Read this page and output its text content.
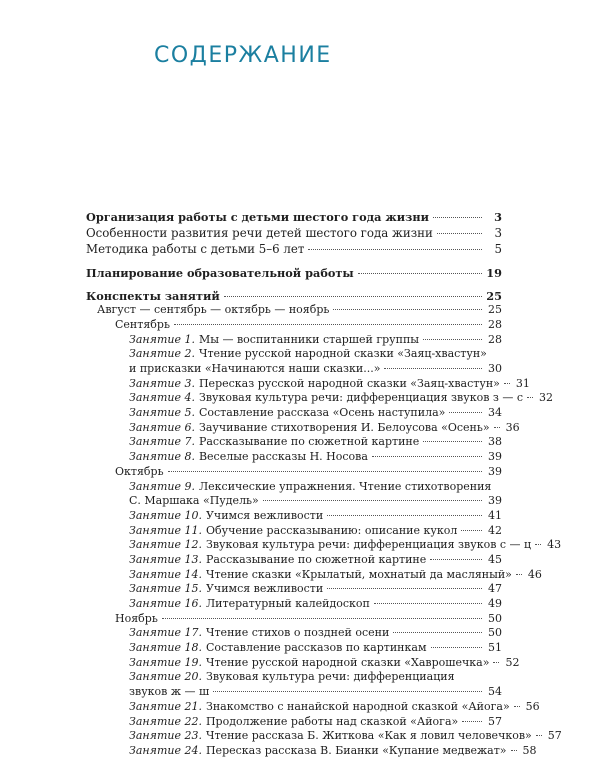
СОДЕРЖАНИЕ
Организация работы с детьми шестого года жизни	3
Особенности развития речи детей шестого года жизни	3
Методика работы с детьми 5–6 лет	5
Планирование образовательной работы	19
Конспекты занятий	25
Август — сентябрь — октябрь — ноябрь	25
Сентябрь	28
Занятие 1. Мы — воспитанники старшей группы	28
Занятие 2. Чтение русской народной сказки «Заяц-хвастун»
и присказки «Начинаются наши сказки...»	30
Занятие 3. Пересказ русской народной сказки «Заяц-хвастун» 31
Занятие 4. Звуковая культура речи: дифференциация звуков з — с 32
Занятие 5. Составление рассказа «Осень наступила»	34
Занятие 6. Заучивание стихотворения И. Белоусова «Осень» 36
Занятие 7. Рассказывание по сюжетной картине	38
Занятие 8. Веселые рассказы Н. Носова	39
Октябрь	39
Занятие 9. Лексические упражнения. Чтение стихотворения
С. Маршака «Пудель»	39
Занятие 10. Учимся вежливости	41
Занятие 11. Обучение рассказыванию: описание кукол	42
Занятие 12. Звуковая культура речи: дифференциация звуков с — ц 43
Занятие 13. Рассказывание по сюжетной картине	45
Занятие 14. Чтение сказки «Крылатый, мохнатый да масляный» 46
Занятие 15. Учимся вежливости	47
Занятие 16. Литературный калейдоскоп	49
Ноябрь	50
Занятие 17. Чтение стихов о поздней осени	50
Занятие 18. Составление рассказов по картинкам	51
Занятие 19. Чтение русской народной сказки «Хаврошечка» 52
Занятие 20. Звуковая культура речи: дифференциация
звуков ж — ш	54
Занятие 21. Знакомство с нанайской народной сказкой «Айога» 56
Занятие 22. Продолжение работы над сказкой «Айога»	57
Занятие 23. Чтение рассказа Б. Житкова «Как я ловил человечков» 57
Занятие 24. Пересказ рассказа В. Бианки «Купание медвежат» 58
